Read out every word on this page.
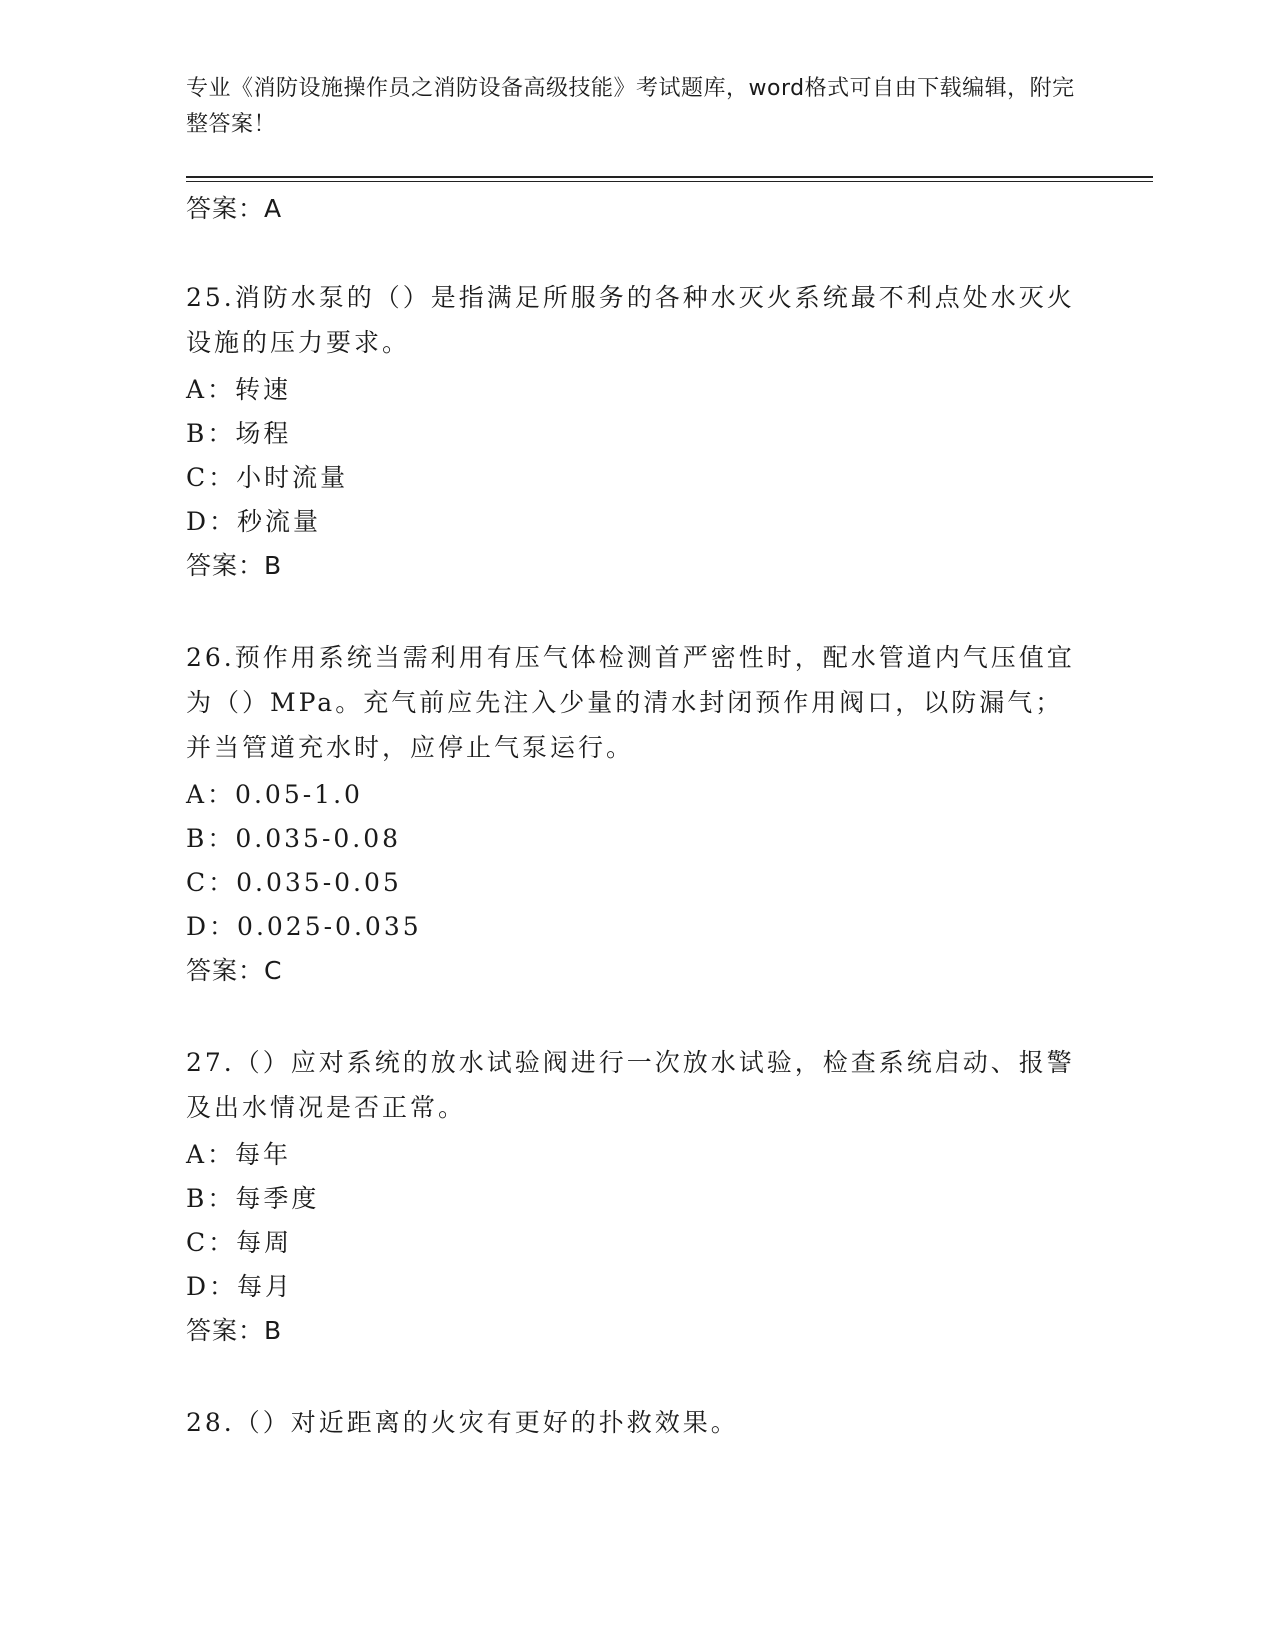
专业《消防设施操作员之消防设备高级技能》考试题库，word格式可自由下载编辑，附完整答案！
答案：A
25.消防水泵的（）是指满足所服务的各种水灭火系统最不利点处水灭火设施的压力要求。
A：转速
B：场程
C：小时流量
D：秒流量
答案：B
26.预作用系统当需利用有压气体检测首严密性时，配水管道内气压值宜为（）MPa。充气前应先注入少量的清水封闭预作用阀口，以防漏气；并当管道充水时，应停止气泵运行。
A：0.05-1.0
B：0.035-0.08
C：0.035-0.05
D：0.025-0.035
答案：C
27.（）应对系统的放水试验阀进行一次放水试验，检查系统启动、报警及出水情况是否正常。
A：每年
B：每季度
C：每周
D：每月
答案：B
28.（）对近距离的火灾有更好的扑救效果。
